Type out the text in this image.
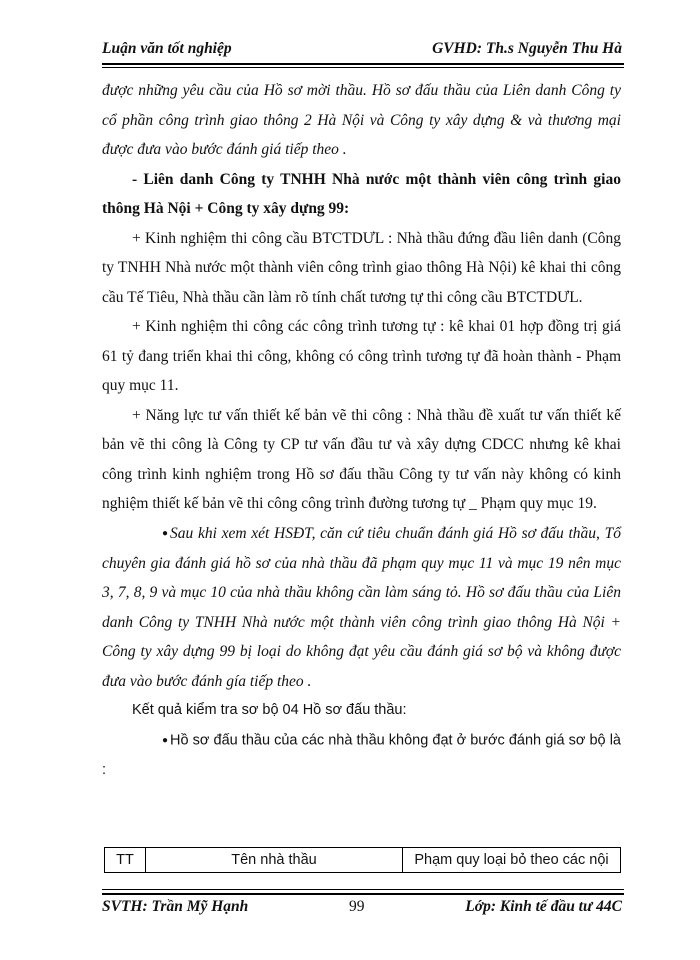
Luận văn tốt nghiệp	GVHD: Th.s Nguyễn Thu Hà

được những yêu cầu của Hồ sơ mời thầu. Hồ sơ đấu thầu của Liên danh Công ty cổ phần công trình giao thông 2 Hà Nội và Công ty xây dựng & và thương mại được đưa vào bước đánh giá tiếp theo .

- Liên danh Công ty TNHH Nhà nước một thành viên công trình giao thông Hà Nội + Công ty xây dựng 99:

+ Kinh nghiệm thi công cầu BTCTDƯL : Nhà thầu đứng đầu liên danh (Công ty TNHH Nhà nước một thành viên công trình giao thông Hà Nội) kê khai thi công cầu Tế Tiêu, Nhà thầu cần làm rõ tính chất tương tự thi công cầu BTCTDƯL.

+ Kinh nghiệm thi công các công trình tương tự : kê khai 01 hợp đồng trị giá 61 tỷ đang triển khai thi công, không có công trình tương tự đã hoàn thành - Phạm quy mục 11.

+ Năng lực tư vấn thiết kế bản vẽ thi công : Nhà thầu đề xuất tư vấn thiết kế bản vẽ thi công là Công ty CP tư vấn đầu tư và xây dựng CDCC nhưng kê khai công trình kinh nghiệm trong Hồ sơ đấu thầu Công ty tư vấn này không có kinh nghiệm thiết kế bản vẽ thi công công trình đường tương tự _ Phạm quy mục 19.

● Sau khi xem xét HSĐT, căn cứ tiêu chuẩn đánh giá Hồ sơ đấu thầu, Tổ chuyên gia đánh giá hồ sơ của nhà thầu đã phạm quy mục 11 và mục 19 nên mục 3, 7, 8, 9 và mục 10 của nhà thầu không cần làm sáng tỏ. Hồ sơ đấu thầu của Liên danh Công ty TNHH Nhà nước một thành viên công trình giao thông Hà Nội + Công ty xây dựng 99 bị loại do không đạt yêu cầu đánh giá sơ bộ và không được đưa vào bước đánh gía tiếp theo .

Kết quả kiểm tra sơ bộ 04 Hồ sơ đấu thầu:

● Hồ sơ đấu thầu của các nhà thầu không đạt ở bước đánh giá sơ bộ là :

TT	Tên nhà thầu	Phạm quy loại bỏ theo các nội
SVTH: Trần Mỹ Hạnh	99	Lớp: Kinh tế đầu tư 44C
